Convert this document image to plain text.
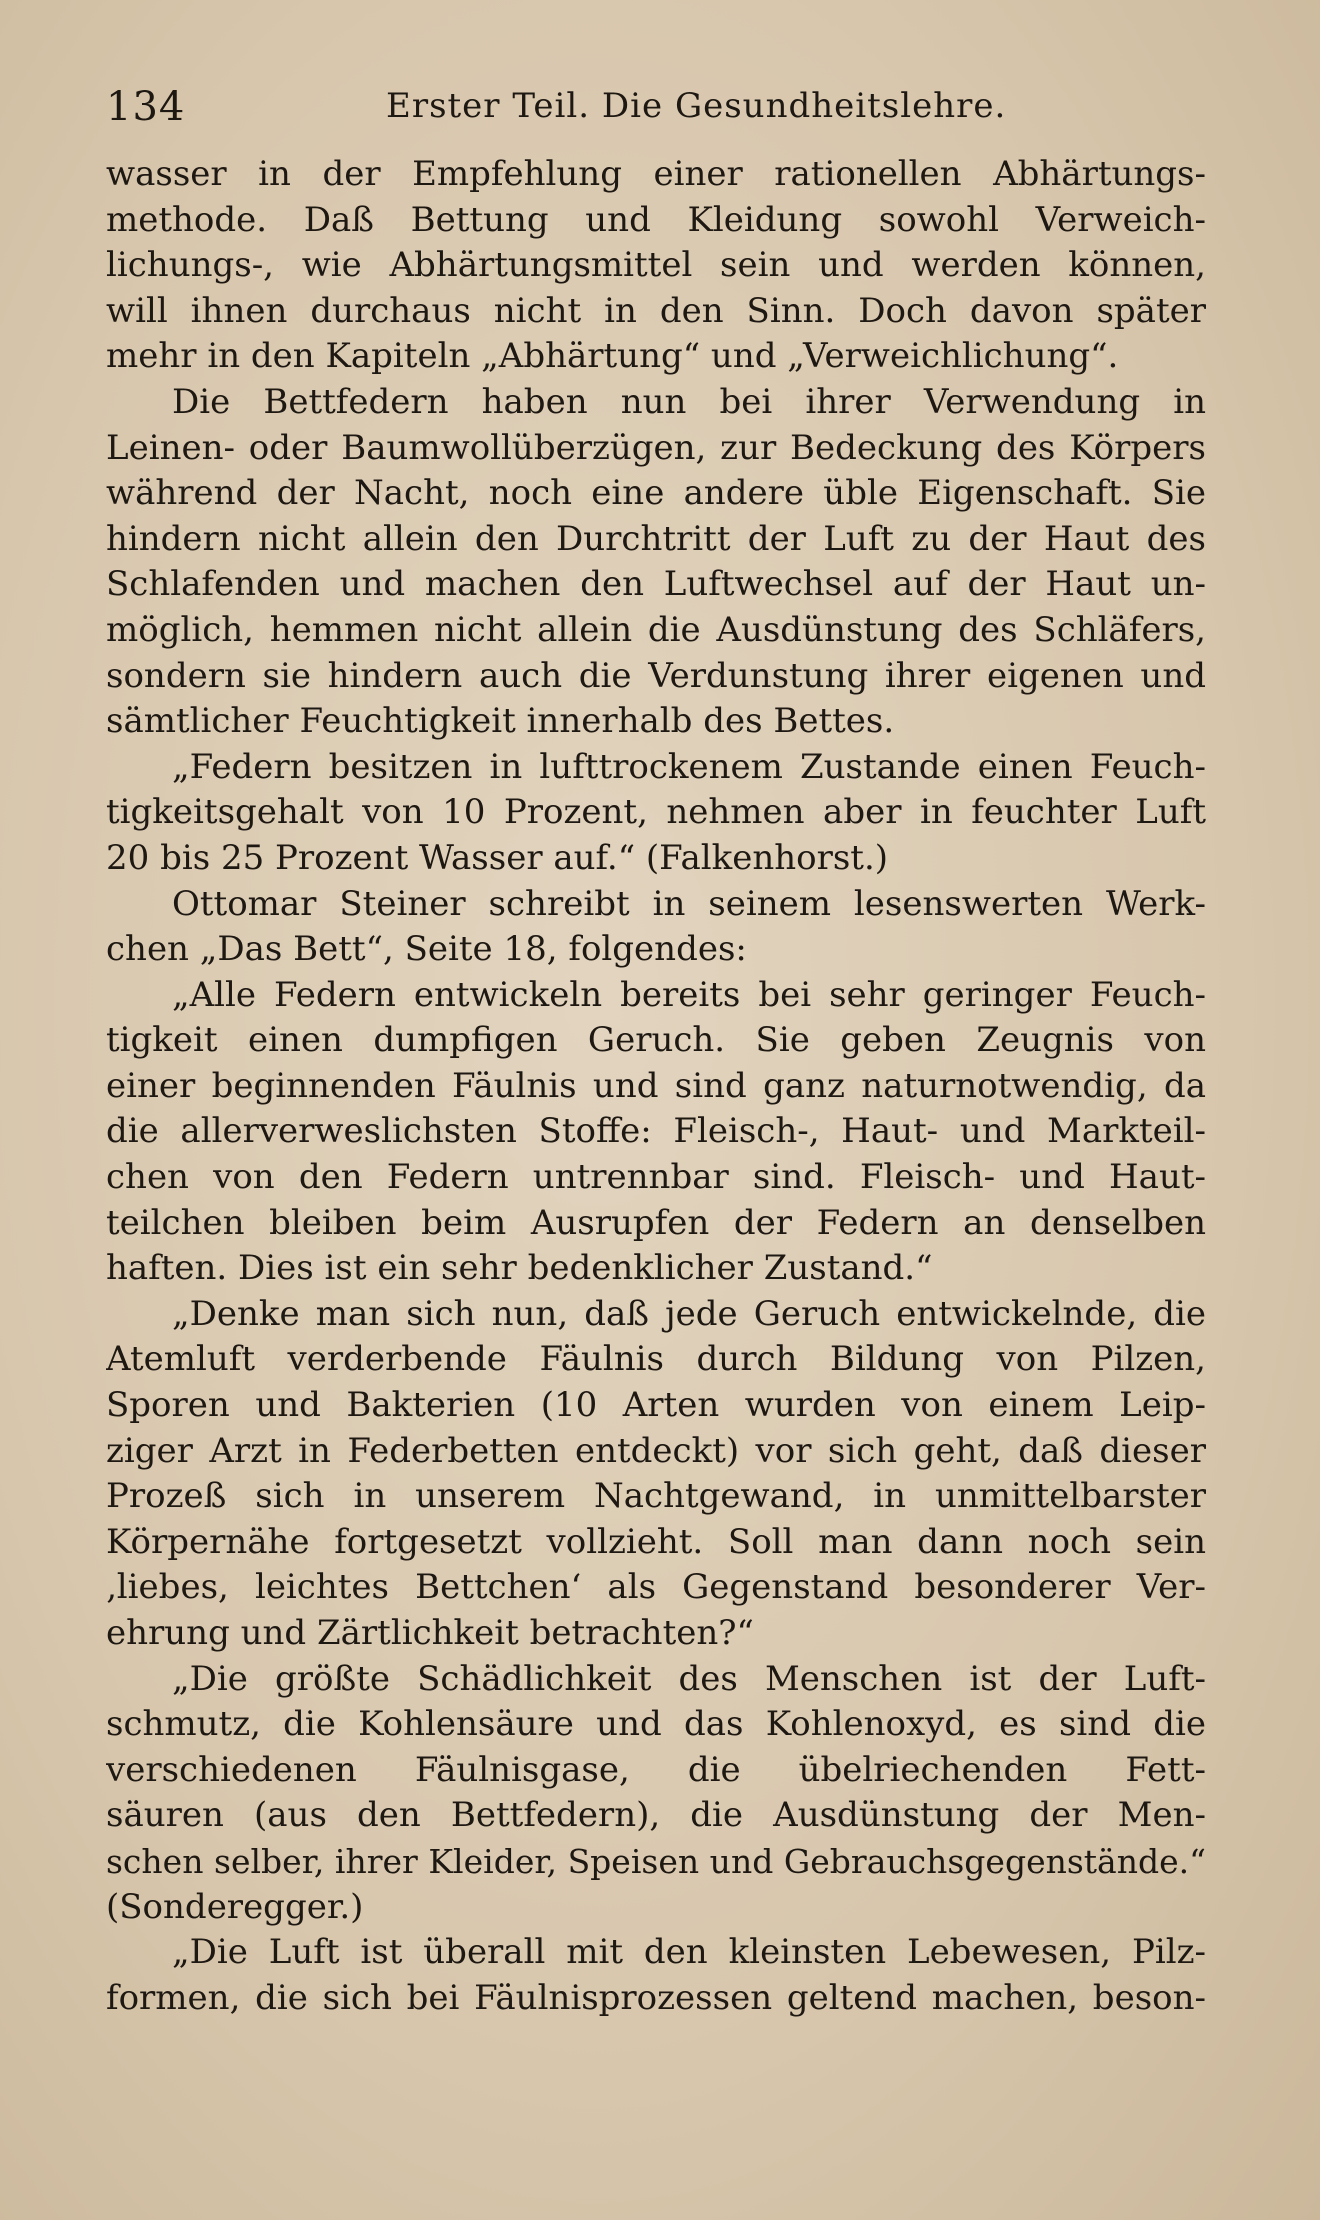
134	Erster Teil. Die Gesundheitslehre.
wasser in der Empfehlung einer rationellen Abhärtungs-
methode. Daß Bettung und Kleidung sowohl Verweich-
lichungs-, wie Abhärtungsmittel sein und werden können,
will ihnen durchaus nicht in den Sinn. Doch davon später
mehr in den Kapiteln „Abhärtung“ und „Verweichlichung“.
Die Bettfedern haben nun bei ihrer Verwendung in
Leinen- oder Baumwollüberzügen, zur Bedeckung des Körpers
während der Nacht, noch eine andere üble Eigenschaft. Sie
hindern nicht allein den Durchtritt der Luft zu der Haut des
Schlafenden und machen den Luftwechsel auf der Haut un-
möglich, hemmen nicht allein die Ausdünstung des Schläfers,
sondern sie hindern auch die Verdunstung ihrer eigenen und
sämtlicher Feuchtigkeit innerhalb des Bettes.
„Federn besitzen in lufttrockenem Zustande einen Feuch-
tigkeitsgehalt von 10 Prozent, nehmen aber in feuchter Luft
20 bis 25 Prozent Wasser auf.“ (Falkenhorst.)
Ottomar Steiner schreibt in seinem lesenswerten Werk-
chen „Das Bett“, Seite 18, folgendes:
„Alle Federn entwickeln bereits bei sehr geringer Feuch-
tigkeit einen dumpfigen Geruch. Sie geben Zeugnis von
einer beginnenden Fäulnis und sind ganz naturnotwendig, da
die allerverweslichsten Stoffe: Fleisch-, Haut- und Markteil-
chen von den Federn untrennbar sind. Fleisch- und Haut-
teilchen bleiben beim Ausrupfen der Federn an denselben
haften. Dies ist ein sehr bedenklicher Zustand.“
„Denke man sich nun, daß jede Geruch entwickelnde, die
Atemluft verderbende Fäulnis durch Bildung von Pilzen,
Sporen und Bakterien (10 Arten wurden von einem Leip-
ziger Arzt in Federbetten entdeckt) vor sich geht, daß dieser
Prozeß sich in unserem Nachtgewand, in unmittelbarster
Körpernähe fortgesetzt vollzieht. Soll man dann noch sein
‚liebes, leichtes Bettchen‘ als Gegenstand besonderer Ver-
ehrung und Zärtlichkeit betrachten?“
„Die größte Schädlichkeit des Menschen ist der Luft-
schmutz, die Kohlensäure und das Kohlenoxyd, es sind die
verschiedenen Fäulnisgase, die übelriechenden Fett-
säuren (aus den Bettfedern), die Ausdünstung der Men-
schen selber, ihrer Kleider, Speisen und Gebrauchsgegenstände.“
(Sonderegger.)
„Die Luft ist überall mit den kleinsten Lebewesen, Pilz-
formen, die sich bei Fäulnisprozessen geltend machen, beson-
